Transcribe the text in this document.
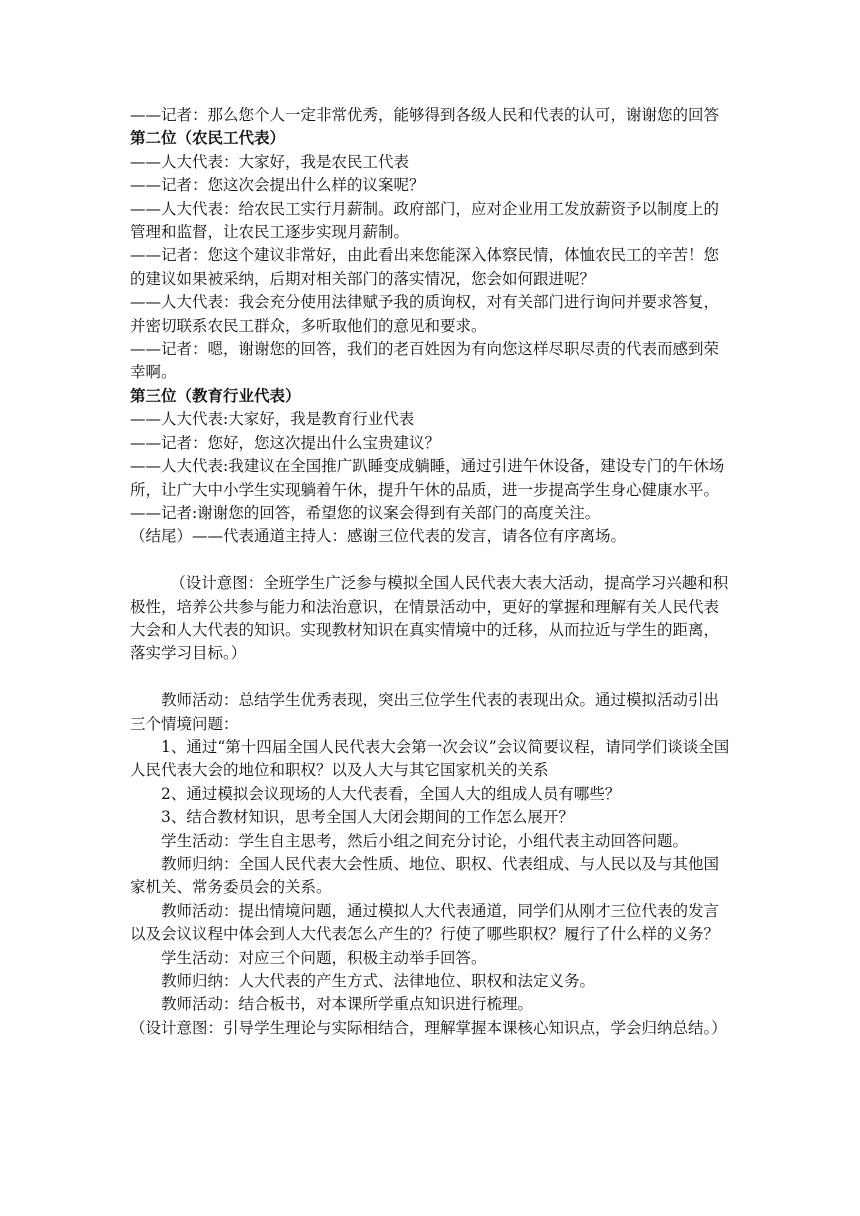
——记者：那么您个人一定非常优秀，能够得到各级人民和代表的认可，谢谢您的回答

第二位（农民工代表）

——人大代表：大家好，我是农民工代表

——记者：您这次会提出什么样的议案呢？

——人大代表：给农民工实行月薪制。政府部门，应对企业用工发放薪资予以制度上的管理和监督，让农民工逐步实现月薪制。

——记者：您这个建议非常好，由此看出来您能深入体察民情，体恤农民工的辛苦！您的建议如果被采纳，后期对相关部门的落实情况，您会如何跟进呢？

——人大代表：我会充分使用法律赋予我的质询权，对有关部门进行询问并要求答复，并密切联系农民工群众，多听取他们的意见和要求。

——记者：嗯，谢谢您的回答，我们的老百姓因为有向您这样尽职尽责的代表而感到荣幸啊。

第三位（教育行业代表）

——人大代表:大家好，我是教育行业代表

——记者：您好，您这次提出什么宝贵建议？

——人大代表:我建议在全国推广趴睡变成躺睡，通过引进午休设备，建设专门的午休场所，让广大中小学生实现躺着午休，提升午休的品质，进一步提高学生身心健康水平。

——记者:谢谢您的回答，希望您的议案会得到有关部门的高度关注。

（结尾）——代表通道主持人：感谢三位代表的发言，请各位有序离场。

（设计意图：全班学生广泛参与模拟全国人民代表大表大活动，提高学习兴趣和积极性，培养公共参与能力和法治意识，在情景活动中，更好的掌握和理解有关人民代表大会和人大代表的知识。实现教材知识在真实情境中的迁移，从而拉近与学生的距离，落实学习目标。）

教师活动：总结学生优秀表现，突出三位学生代表的表现出众。通过模拟活动引出三个情境问题：

1、通过“第十四届全国人民代表大会第一次会议”会议简要议程，请同学们谈谈全国人民代表大会的地位和职权？以及人大与其它国家机关的关系

2、通过模拟会议现场的人大代表看，全国人大的组成人员有哪些？

3、结合教材知识，思考全国人大闭会期间的工作怎么展开？

学生活动：学生自主思考，然后小组之间充分讨论，小组代表主动回答问题。

教师归纳：全国人民代表大会性质、地位、职权、代表组成、与人民以及与其他国家机关、常务委员会的关系。

教师活动：提出情境问题，通过模拟人大代表通道，同学们从刚才三位代表的发言以及会议议程中体会到人大代表怎么产生的？行使了哪些职权？履行了什么样的义务？

学生活动：对应三个问题，积极主动举手回答。

教师归纳：人大代表的产生方式、法律地位、职权和法定义务。

教师活动：结合板书，对本课所学重点知识进行梳理。

（设计意图：引导学生理论与实际相结合，理解掌握本课核心知识点，学会归纳总结。）
